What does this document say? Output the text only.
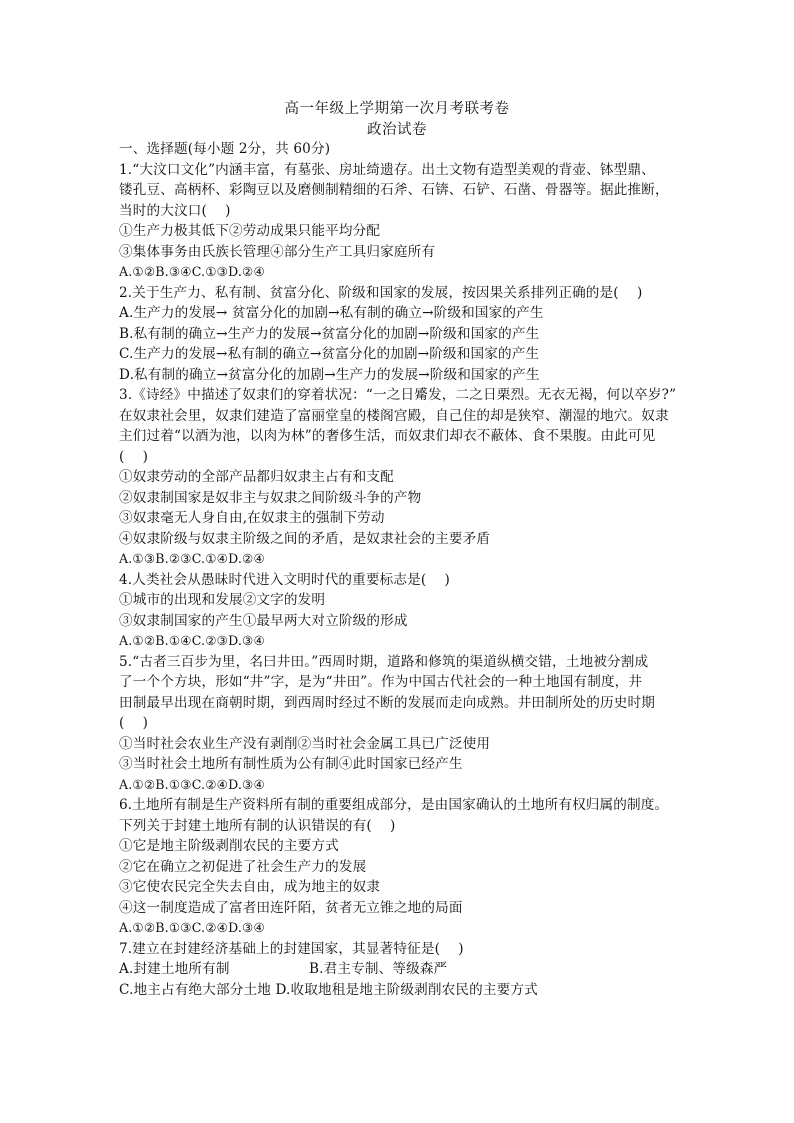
高一年级上学期第一次月考联考卷
政治试卷
一、选择题(每小题 2分，共 60分)
1.“大汶口文化”内涵丰富，有墓张、房址绮遗存。出土文物有造型美观的背壶、钵型鼎、
镂孔豆、高柄杯、彩陶豆以及磨侧制精细的石斧、石锛、石铲、石凿、骨器等。据此推断，
当时的大汶口(　 )
①生产力极其低下②劳动成果只能平均分配
③集体事务由氏族长管理④部分生产工具归家庭所有
A.①②B.③④C.①③D.②④
2.关于生产力、私有制、贫富分化、阶级和国家的发展，按因果关系排列正确的是(　 )
A.生产力的发展→ 贫富分化的加剧→私有制的确立→阶级和国家的产生
B.私有制的确立→生产力的发展→贫富分化的加剧→阶级和国家的产生
C.生产力的发展→私有制的确立→贫富分化的加剧→阶级和国家的产生
D.私有制的确立→贫富分化的加剧→生产力的发展→阶级和国家的产生
3.《诗经》中描述了奴隶们的穿着状况：“一之日觱发，二之日栗烈。无衣无褐，何以卒岁?”
在奴隶社会里，奴隶们建造了富丽堂皇的楼阁宫殿，自己住的却是狭窄、潮湿的地穴。奴隶
主们过着“以酒为池，以肉为林”的奢侈生活，而奴隶们却衣不蔽体、食不果腹。由此可见
(　 )
①奴隶劳动的全部产品都归奴隶主占有和支配
②奴隶制国家是奴非主与奴隶之间阶级斗争的产物
③奴隶毫无人身自由,在奴隶主的强制下劳动
④奴隶阶级与奴隶主阶级之间的矛盾，是奴隶社会的主要矛盾
A.①③B.②③C.①④D.②④
4.人类社会从愚昧时代进入文明时代的重要标志是(　 )
①城市的出现和发展②文字的发明
③奴隶制国家的产生①最早两大对立阶级的形成
A.①②B.①④C.②③D.③④
5.“古者三百步为里，名曰井田。”西周时期，道路和修筑的渠道纵横交错，土地被分割成
了一个个方块，形如“井”字，是为“井田”。作为中国古代社会的一种土地国有制度，井
田制最早出现在商朝时期，到西周时经过不断的发展而走向成熟。井田制所处的历史时期
(　 )
①当时社会农业生产没有剥削②当时社会金属工具已广泛使用
③当时社会土地所有制性质为公有制④此时国家已经产生
A.①②B.①③C.②④D.③④
6.土地所有制是生产资料所有制的重要组成部分，是由国家确认的土地所有权归属的制度。
下列关于封建土地所有制的认识错误的有(　 )
①它是地主阶级剥削农民的主要方式
②它在确立之初促进了社会生产力的发展
③它使农民完全失去自由，成为地主的奴隶
④这一制度造成了富者田连阡陌，贫者无立锥之地的局面
A.①②B.①③C.②④D.③④
7.建立在封建经济基础上的封建国家，其显著特征是(　 )
A.封建土地所有制	B.君主专制、等级森严
C.地主占有绝大部分土地 D.收取地租是地主阶级剥削农民的主要方式
